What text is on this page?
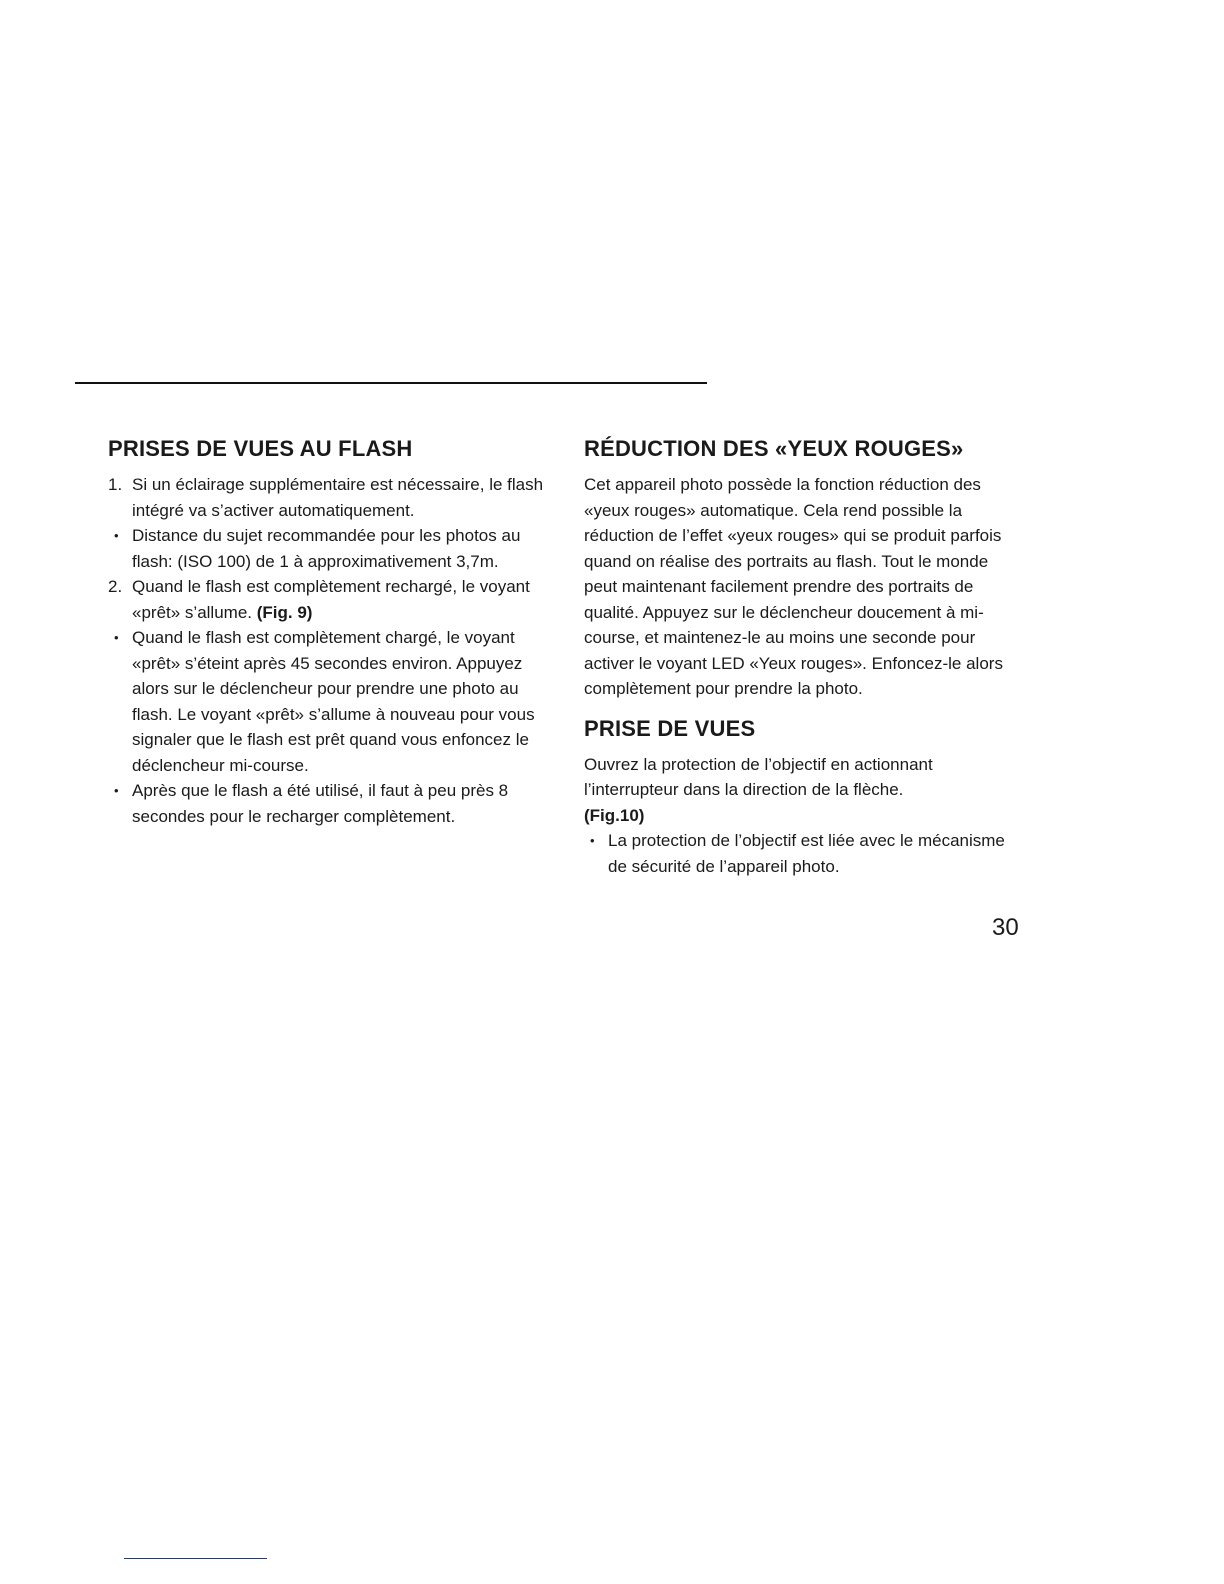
PRISES DE VUES AU FLASH
1. Si un éclairage supplémentaire est nécessaire, le flash intégré va s’activer automatiquement.
• Distance du sujet recommandée pour les photos au flash: (ISO 100) de 1 à approximativement 3,7m.
2. Quand le flash est complètement rechargé, le voyant «prêt» s’allume. (Fig. 9)
• Quand le flash est complètement chargé, le voyant «prêt» s’éteint après 45 secondes environ. Appuyez alors sur le déclencheur pour prendre une photo au flash. Le voyant «prêt» s’allume à nouveau pour vous signaler que le flash est prêt quand vous enfoncez le déclencheur mi-course.
• Après que le flash a été utilisé, il faut à peu près 8 secondes pour le recharger complètement.
RÉDUCTION DES «YEUX ROUGES»

Cet appareil photo possède la fonction réduction des «yeux rouges» automatique. Cela rend possible la réduction de l’effet «yeux rouges» qui se produit parfois quand on réalise des portraits au flash. Tout le monde peut maintenant facilement prendre des portraits de qualité. Appuyez sur le déclencheur doucement à mi-course, et maintenez-le au moins une seconde pour activer le voyant LED «Yeux rouges». Enfoncez-le alors complètement pour prendre la photo.

PRISE DE VUES

Ouvrez la protection de l’objectif en actionnant l’interrupteur dans la direction de la flèche.

(Fig.10)

• La protection de l’objectif est liée avec le mécanisme de sécurité de l’appareil photo.
30
